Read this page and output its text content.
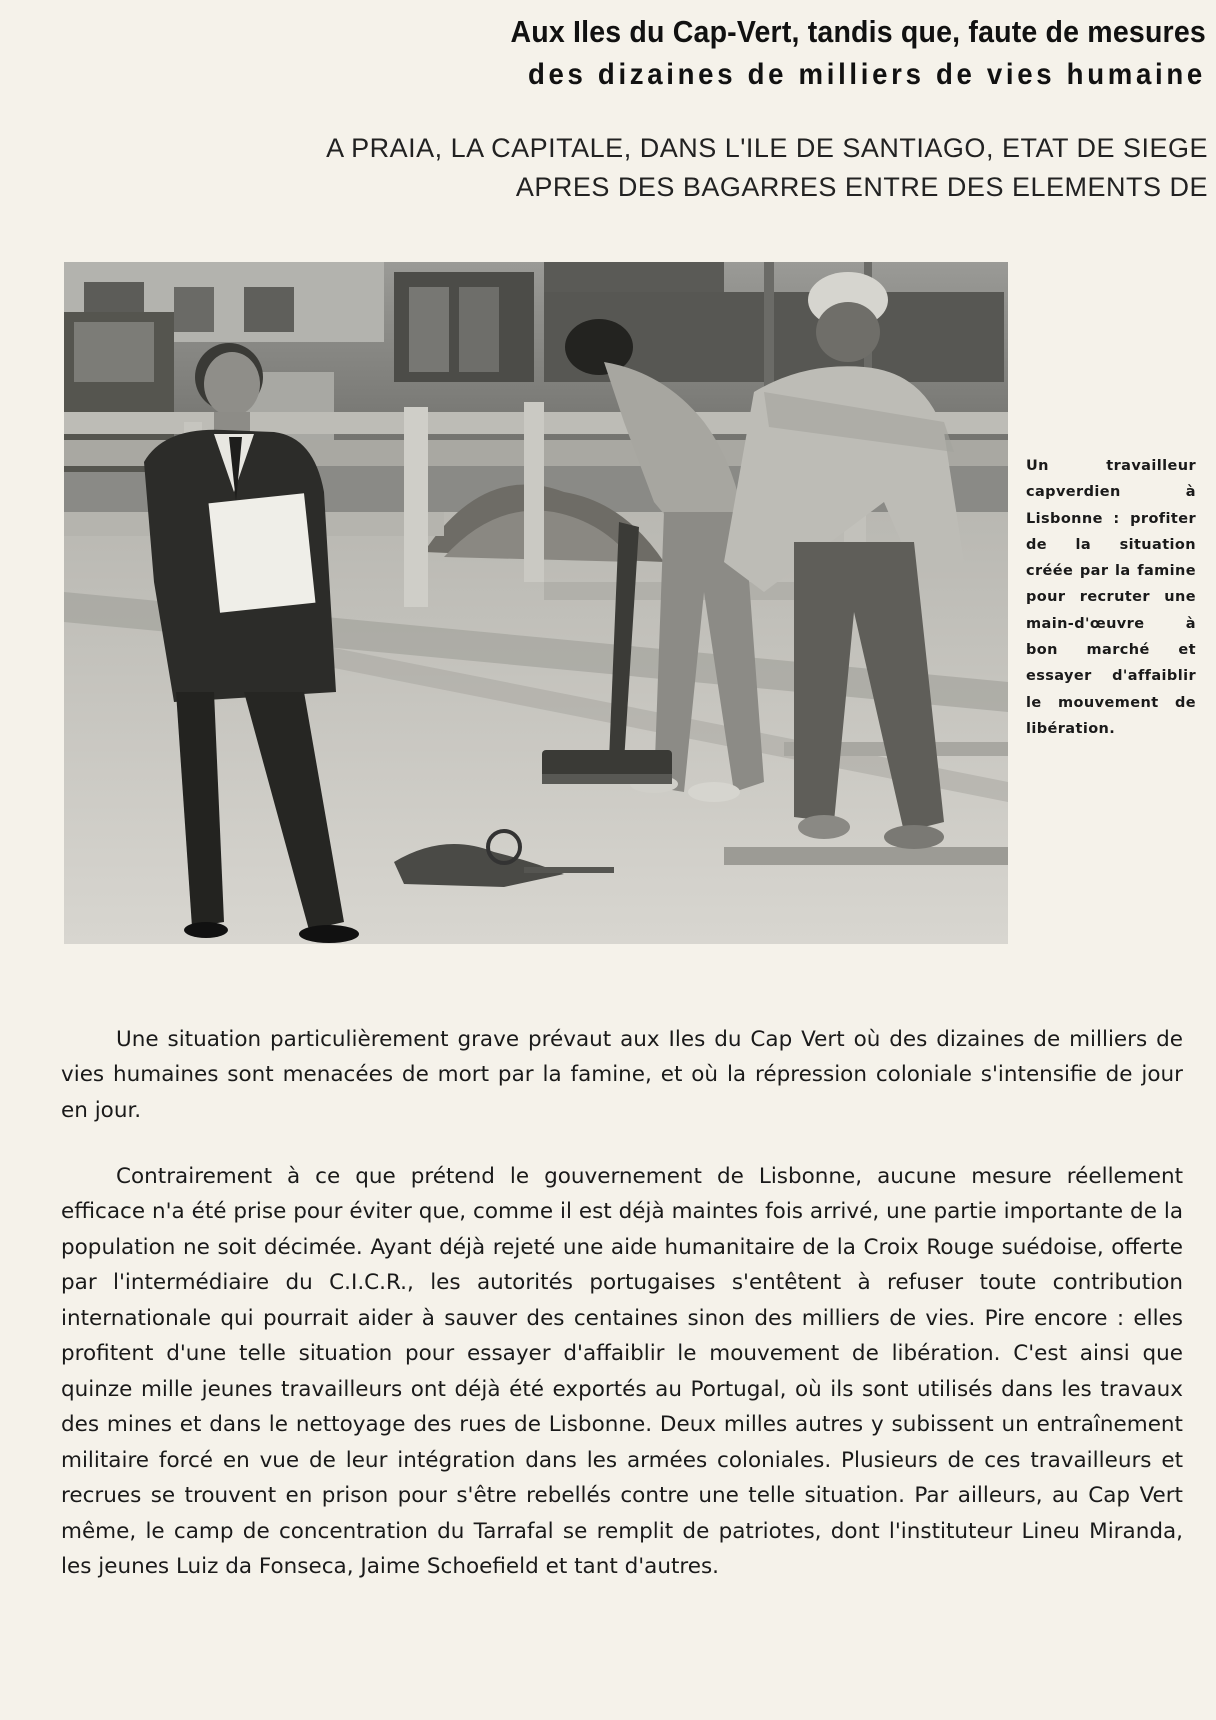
Aux Iles du Cap-Vert, tandis que, faute de mesures
des dizaines de milliers de vies humaine
A PRAIA, LA CAPITALE, DANS L'ILE DE SANTIAGO, ETAT DE SIEGE
APRES DES BAGARRES ENTRE DES ELEMENTS DE
Un travailleur capverdien à Lisbonne : profiter de la situation créée par la famine pour recruter une main-d'œuvre à bon marché et essayer d'affaiblir le mouvement de libération.

Une situation particulièrement grave prévaut aux Iles du Cap Vert où des dizaines de milliers de vies humaines sont menacées de mort par la famine, et où la répression coloniale s'intensifie de jour en jour.

Contrairement à ce que prétend le gouvernement de Lisbonne, aucune mesure réellement efficace n'a été prise pour éviter que, comme il est déjà maintes fois arrivé, une partie importante de la population ne soit décimée. Ayant déjà rejeté une aide humanitaire de la Croix Rouge suédoise, offerte par l'intermédiaire du C.I.C.R., les autorités portugaises s'entêtent à refuser toute contribution internationale qui pourrait aider à sauver des centaines sinon des milliers de vies. Pire encore : elles profitent d'une telle situation pour essayer d'affaiblir le mouvement de libération. C'est ainsi que quinze mille jeunes travailleurs ont déjà été exportés au Portugal, où ils sont utilisés dans les travaux des mines et dans le nettoyage des rues de Lisbonne. Deux milles autres y subissent un entraînement militaire forcé en vue de leur intégration dans les armées coloniales. Plusieurs de ces travailleurs et recrues se trouvent en prison pour s'être rebellés contre une telle situation. Par ailleurs, au Cap Vert même, le camp de concentration du Tarrafal se remplit de patriotes, dont l'instituteur Lineu Miranda, les jeunes Luiz da Fonseca, Jaime Schoefield et tant d'autres.
